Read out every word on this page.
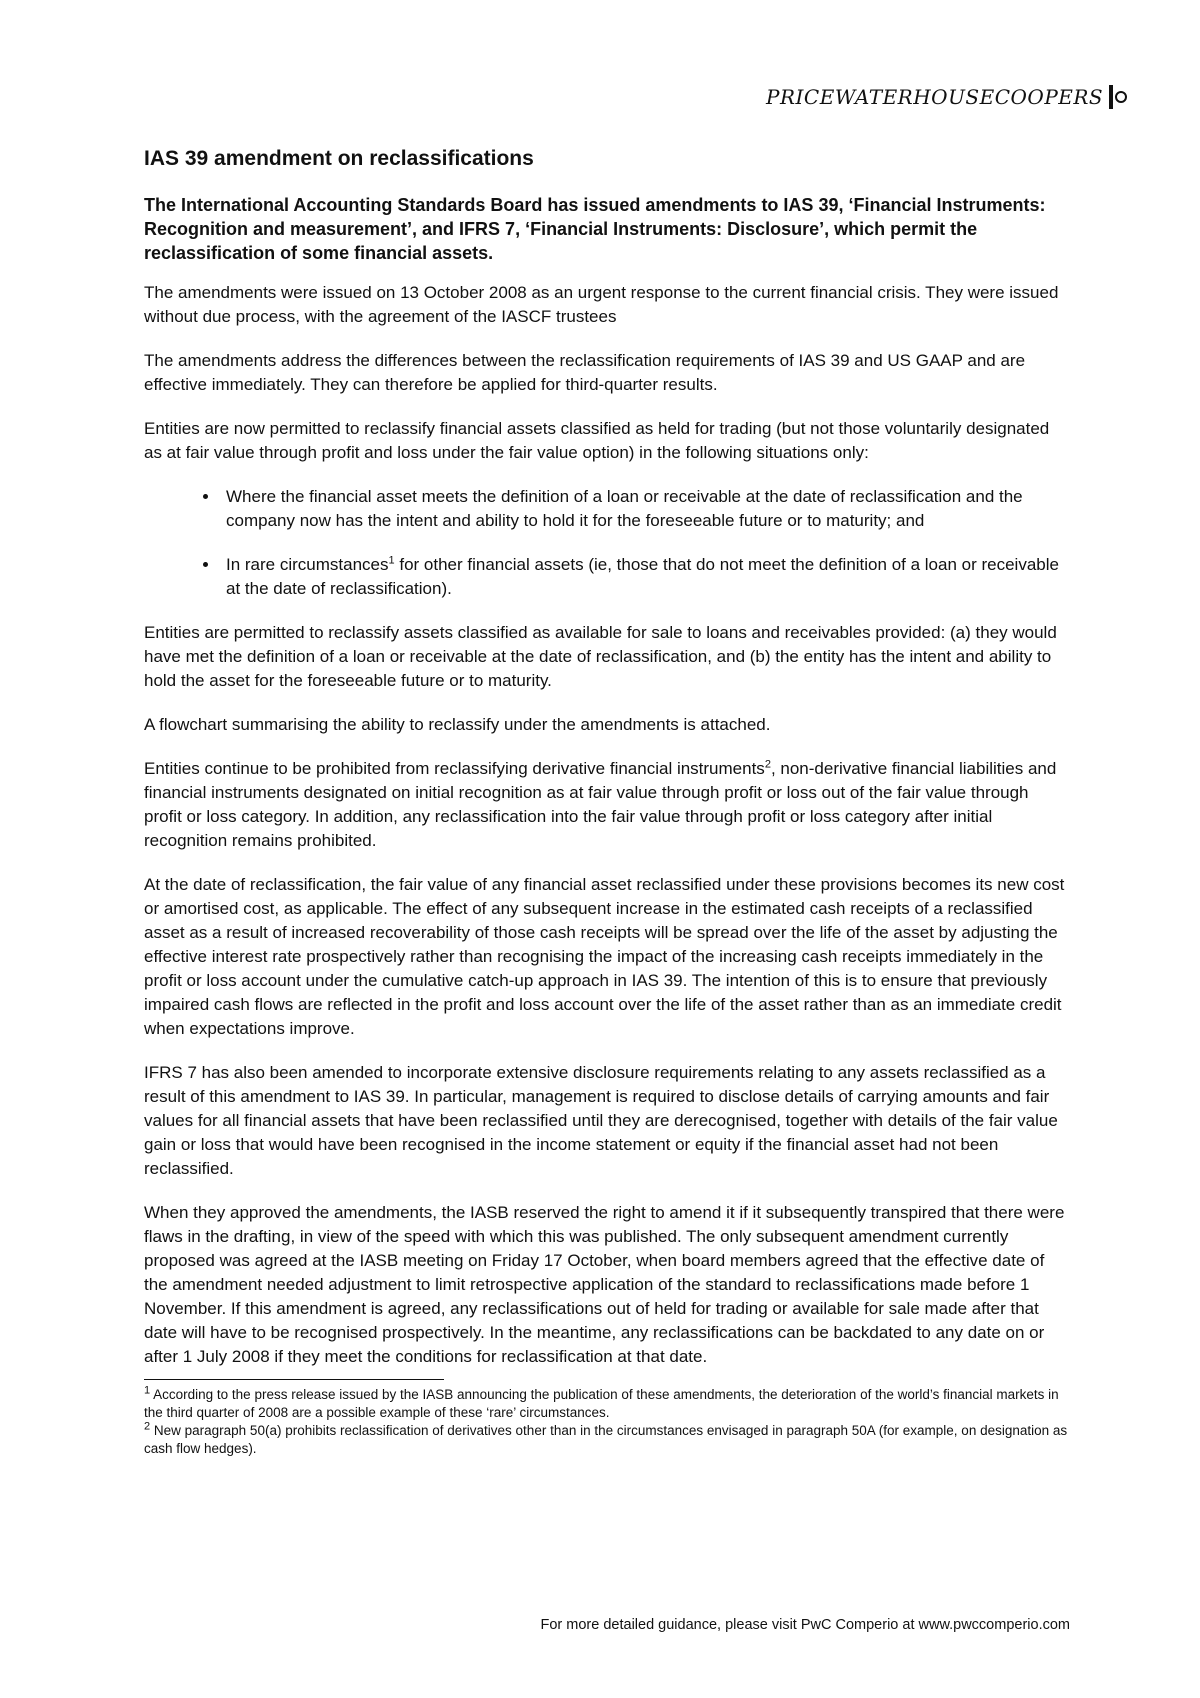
PRICEWATERHOUSECOOPERS
IAS 39 amendment on reclassifications

The International Accounting Standards Board has issued amendments to IAS 39, ‘Financial Instruments: Recognition and measurement’, and IFRS 7, ‘Financial Instruments: Disclosure’, which permit the reclassification of some financial assets.

The amendments were issued on 13 October 2008 as an urgent response to the current financial crisis. They were issued without due process, with the agreement of the IASCF trustees

The amendments address the differences between the reclassification requirements of IAS 39 and US GAAP and are effective immediately. They can therefore be applied for third-quarter results.

Entities are now permitted to reclassify financial assets classified as held for trading (but not those voluntarily designated as at fair value through profit and loss under the fair value option) in the following situations only:

• Where the financial asset meets the definition of a loan or receivable at the date of reclassification and the company now has the intent and ability to hold it for the foreseeable future or to maturity; and
• In rare circumstances$^1$ for other financial assets (ie, those that do not meet the definition of a loan or receivable at the date of reclassification).

Entities are permitted to reclassify assets classified as available for sale to loans and receivables provided: (a) they would have met the definition of a loan or receivable at the date of reclassification, and (b) the entity has the intent and ability to hold the asset for the foreseeable future or to maturity.

A flowchart summarising the ability to reclassify under the amendments is attached.

Entities continue to be prohibited from reclassifying derivative financial instruments$^2$, non-derivative financial liabilities and financial instruments designated on initial recognition as at fair value through profit or loss out of the fair value through profit or loss category. In addition, any reclassification into the fair value through profit or loss category after initial recognition remains prohibited.

At the date of reclassification, the fair value of any financial asset reclassified under these provisions becomes its new cost or amortised cost, as applicable. The effect of any subsequent increase in the estimated cash receipts of a reclassified asset as a result of increased recoverability of those cash receipts will be spread over the life of the asset by adjusting the effective interest rate prospectively rather than recognising the impact of the increasing cash receipts immediately in the profit or loss account under the cumulative catch-up approach in IAS 39. The intention of this is to ensure that previously impaired cash flows are reflected in the profit and loss account over the life of the asset rather than as an immediate credit when expectations improve.

IFRS 7 has also been amended to incorporate extensive disclosure requirements relating to any assets reclassified as a result of this amendment to IAS 39. In particular, management is required to disclose details of carrying amounts and fair values for all financial assets that have been reclassified until they are derecognised, together with details of the fair value gain or loss that would have been recognised in the income statement or equity if the financial asset had not been reclassified.

When they approved the amendments, the IASB reserved the right to amend it if it subsequently transpired that there were flaws in the drafting, in view of the speed with which this was published. The only subsequent amendment currently proposed was agreed at the IASB meeting on Friday 17 October, when board members agreed that the effective date of the amendment needed adjustment to limit retrospective application of the standard to reclassifications made before 1 November. If this amendment is agreed, any reclassifications out of held for trading or available for sale made after that date will have to be recognised prospectively. In the meantime, any reclassifications can be backdated to any date on or after 1 July 2008 if they meet the conditions for reclassification at that date.

$^1$ According to the press release issued by the IASB announcing the publication of these amendments, the deterioration of the world’s financial markets in the third quarter of 2008 are a possible example of these ‘rare’ circumstances.

$^2$ New paragraph 50(a) prohibits reclassification of derivatives other than in the circumstances envisaged in paragraph 50A (for example, on designation as cash flow hedges).

For more detailed guidance, please visit PwC Comperio at www.pwccomperio.com
